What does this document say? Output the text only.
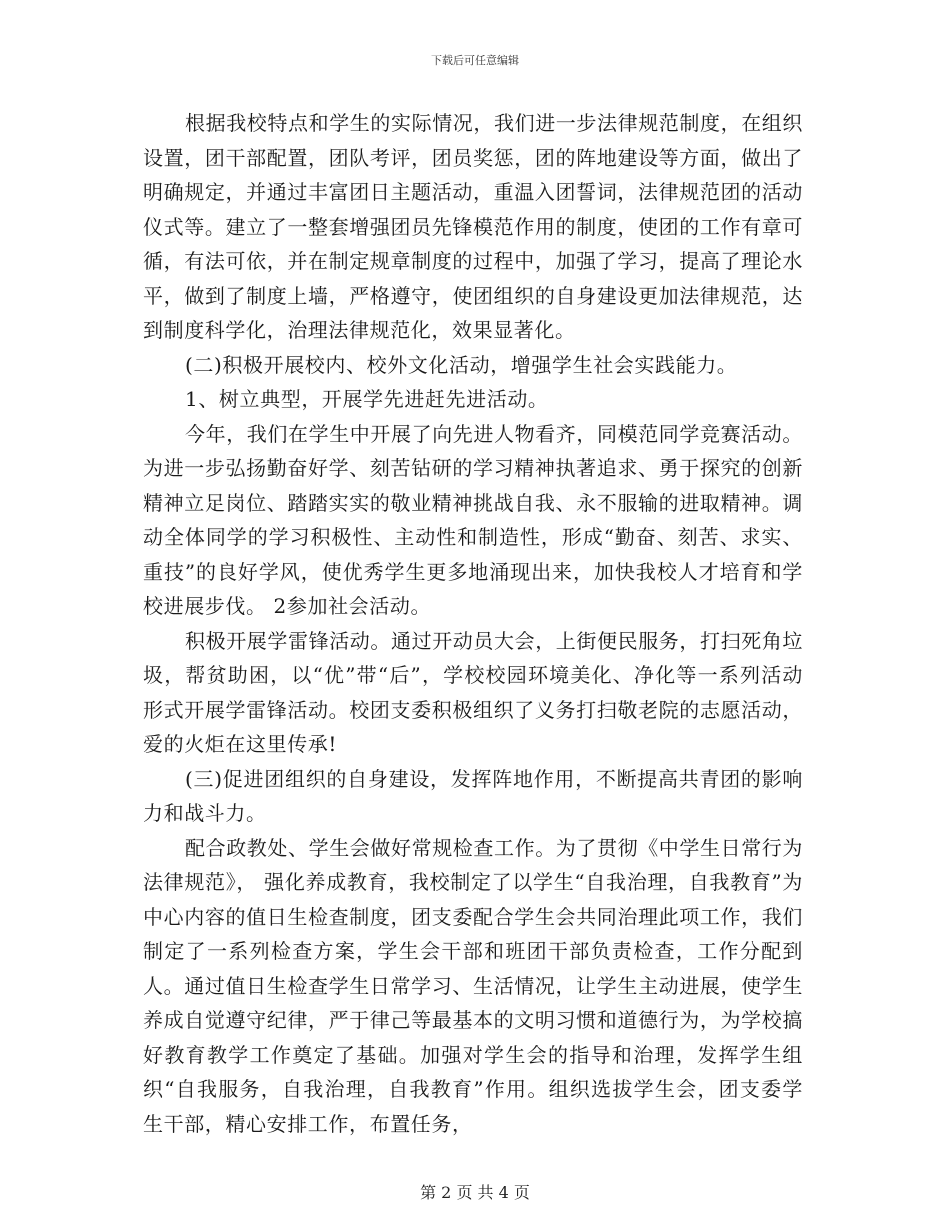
下载后可任意编辑

根据我校特点和学生的实际情况，我们进一步法律规范制度，在组织设置，团干部配置，团队考评，团员奖惩，团的阵地建设等方面，做出了明确规定，并通过丰富团日主题活动，重温入团誓词，法律规范团的活动仪式等。建立了一整套增强团员先锋模范作用的制度，使团的工作有章可循，有法可依，并在制定规章制度的过程中，加强了学习，提高了理论水平，做到了制度上墙，严格遵守，使团组织的自身建设更加法律规范，达到制度科学化，治理法律规范化，效果显著化。

(二)积极开展校内、校外文化活动，增强学生社会实践能力。

1、树立典型，开展学先进赶先进活动。

今年，我们在学生中开展了向先进人物看齐，同模范同学竞赛活动。为进一步弘扬勤奋好学、刻苦钻研的学习精神执著追求、勇于探究的创新精神立足岗位、踏踏实实的敬业精神挑战自我、永不服输的进取精神。调动全体同学的学习积极性、主动性和制造性，形成“勤奋、刻苦、求实、重技”的良好学风，使优秀学生更多地涌现出来，加快我校人才培育和学校进展步伐。 2参加社会活动。

积极开展学雷锋活动。通过开动员大会，上街便民服务，打扫死角垃圾，帮贫助困，以“优”带“后”，学校校园环境美化、净化等一系列活动形式开展学雷锋活动。校团支委积极组织了义务打扫敬老院的志愿活动，爱的火炬在这里传承!

(三)促进团组织的自身建设，发挥阵地作用，不断提高共青团的影响力和战斗力。

配合政教处、学生会做好常规检查工作。为了贯彻《中学生日常行为法律规范》， 强化养成教育，我校制定了以学生“自我治理，自我教育”为中心内容的值日生检查制度，团支委配合学生会共同治理此项工作，我们制定了一系列检查方案，学生会干部和班团干部负责检查，工作分配到人。通过值日生检查学生日常学习、生活情况，让学生主动进展，使学生养成自觉遵守纪律，严于律己等最基本的文明习惯和道德行为，为学校搞好教育教学工作奠定了基础。加强对学生会的指导和治理，发挥学生组织“自我服务，自我治理，自我教育”作用。组织选拔学生会，团支委学生干部，精心安排工作，布置任务，

第 2 页 共 4 页
